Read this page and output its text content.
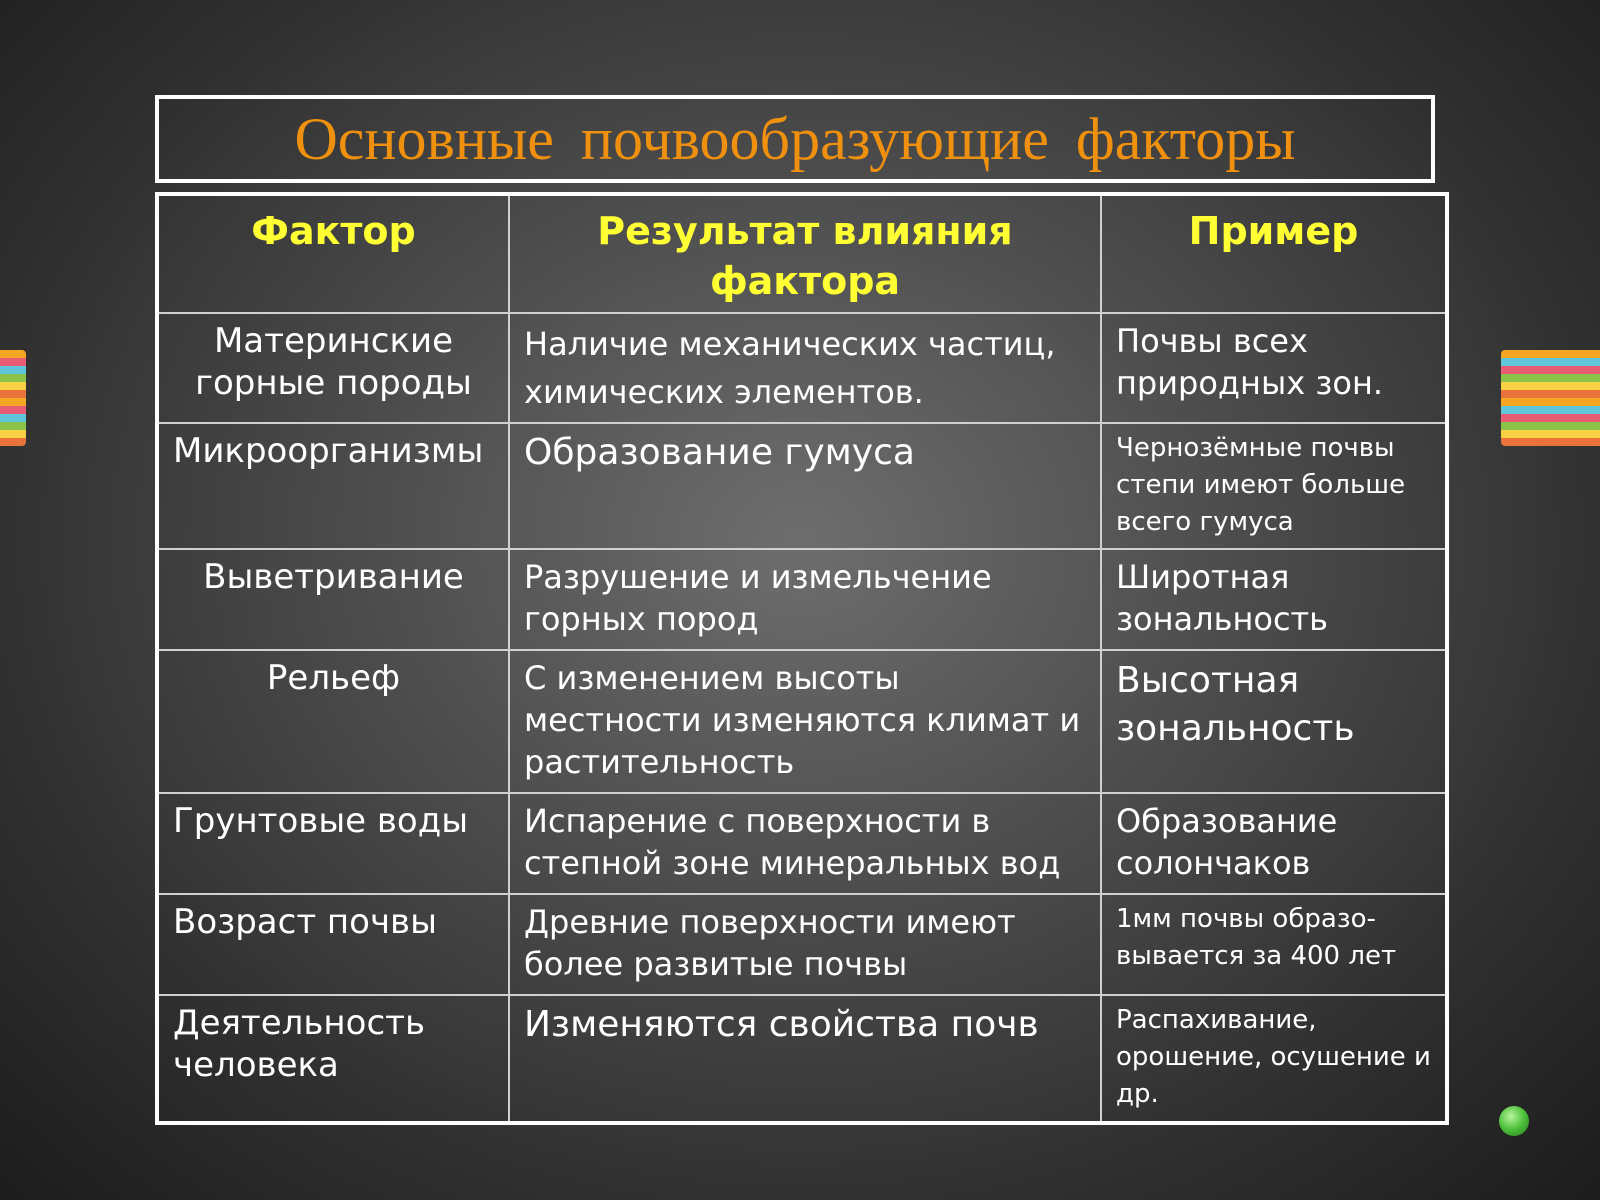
Основные почвообразующие факторы
Фактор	Результат влияния фактора	Пример
Материнские горные породы	Наличие механических частиц, химических элементов.	Почвы всех природных зон.
Микроорганизмы	Образование гумуса	Чернозёмные почвы степи имеют больше всего гумуса
Выветривание	Разрушение и измельчение горных пород	Широтная зональность
Рельеф	С изменением высоты местности изменяются климат и растительность	Высотная зональность
Грунтовые воды	Испарение с поверхности в степной зоне минеральных вод	Образование солончаков
Возраст почвы	Древние поверхности имеют более развитые почвы	1мм почвы образо-вывается за 400 лет
Деятельность человека	Изменяются свойства почв	Распахивание, орошение, осушение и др.
